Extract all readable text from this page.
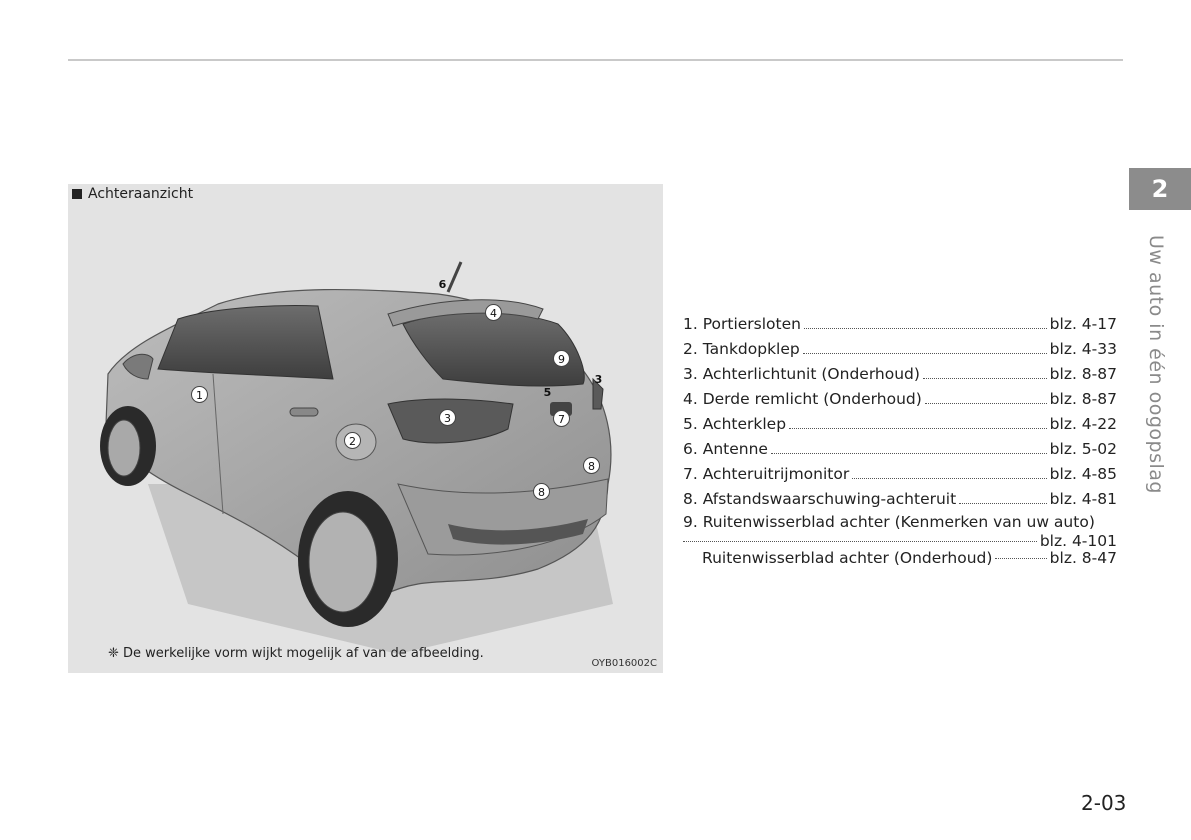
Achteraanzicht
6
4
9
3
5
1
3	7
2
8
8
❈ De werkelijke vorm wijkt mogelijk af van de afbeelding.
OYB016002C
1. Portiersloten	blz. 4-17
2. Tankdopklep	blz. 4-33
3. Achterlichtunit (Onderhoud)	blz. 8-87
4. Derde remlicht (Onderhoud)	blz. 8-87
5. Achterklep	blz. 4-22
6. Antenne	blz. 5-02
7. Achteruitrijmonitor	blz. 4-85
8. Afstandswaarschuwing-achteruit	blz. 4-81
9. Ruitenwisserblad achter (Kenmerken van uw auto)
blz. 4-101
Ruitenwisserblad achter (Onderhoud)	blz. 8-47
2
Uw auto in één oogopslag
2-03
